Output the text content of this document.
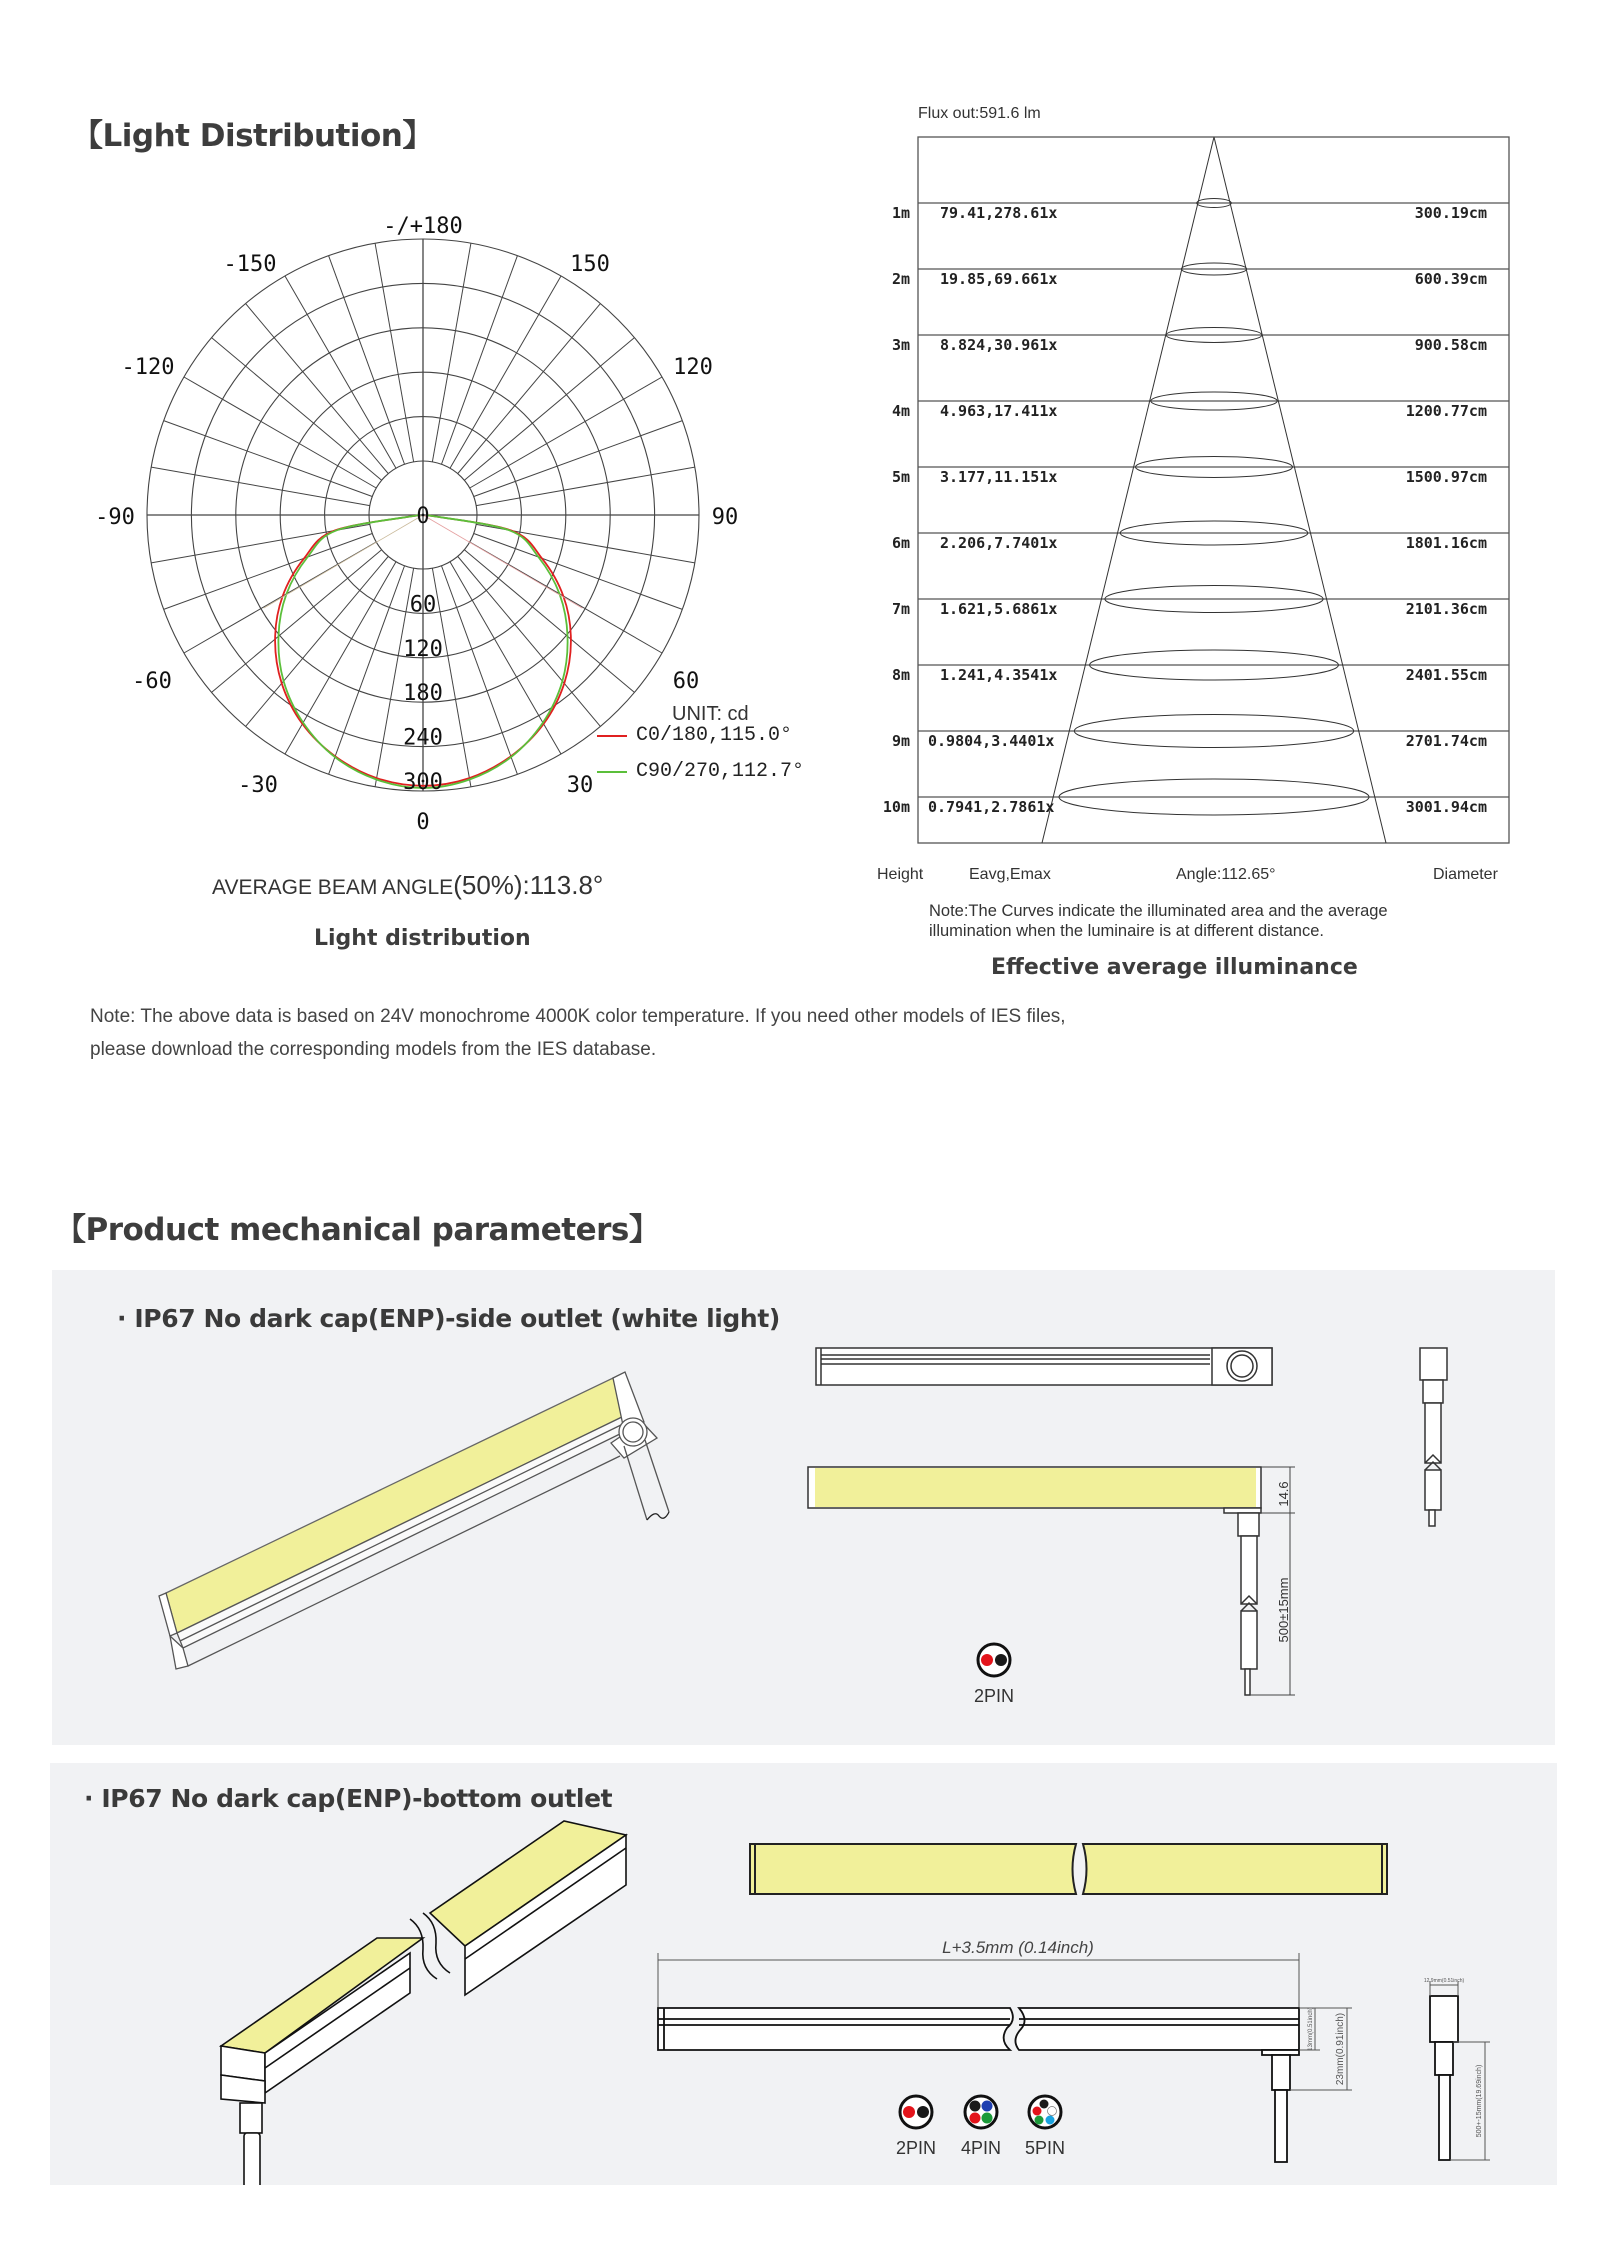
【Light Distribution】
-/+180
-150	150
-120	120
-90	90
-60	60
-30	30
0
0
60
120
180
240
300
UNIT: cd
C0/180,115.0°
C90/270,112.7°
AVERAGE BEAM ANGLE(50%):113.8°
Light distribution
Flux out:591.6 lm
1m 79.41,278.61x	300.19cm
2m 19.85,69.661x	600.39cm
3m 8.824,30.961x	900.58cm
4m 4.963,17.411x	1200.77cm
5m 3.177,11.151x	1500.97cm
6m 2.206,7.7401x	1801.16cm
7m 1.621,5.6861x	2101.36cm
8m 1.241,4.3541x	2401.55cm
9m 0.9804,3.4401x	2701.74cm
10m 0.7941,2.7861x	3001.94cm
Height	Eavg,Emax	Angle:112.65°	Diameter
Note:The Curves indicate the illuminated area and the average
illumination when the luminaire is at different distance.
Effective average illuminance
Note: The above data is based on 24V monochrome 4000K color temperature. If you need other models of IES files,
please download the corresponding models from the IES database.
【Product mechanical parameters】
· IP67 No dark cap(ENP)-side outlet (white light)
14.6
500±15mm
2PIN
· IP67 No dark cap(ENP)-bottom outlet
L+3.5mm (0.14inch)
13mm(0.51inch) 23mm(0.91inch)
12.9mm(0.51inch)
500+-15mm(19.69inch)
2PIN 4PIN 5PIN
